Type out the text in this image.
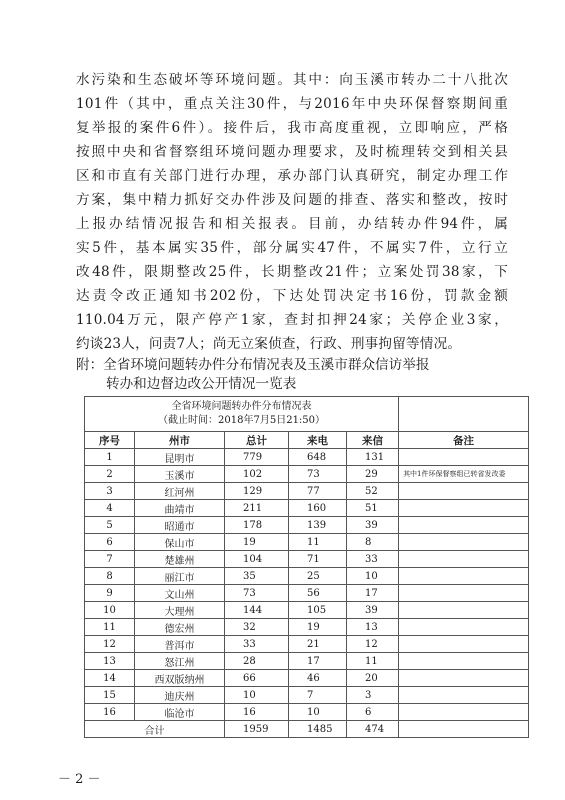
水污染和生态破坏等环境问题。其中：向玉溪市转办二十八批次
101件（其中，重点关注30件，与2016年中央环保督察期间重
复举报的案件6件）。接件后，我市高度重视，立即响应，严格
按照中央和省督察组环境问题办理要求，及时梳理转交到相关县
区和市直有关部门进行办理，承办部门认真研究，制定办理工作
方案，集中精力抓好交办件涉及问题的排查、落实和整改，按时
上报办结情况报告和相关报表。目前，办结转办件94件，属
实5件，基本属实35件，部分属实47件，不属实7件，立行立
改48件，限期整改25件，长期整改21件；立案处罚38家，下
达责令改正通知书202份，下达处罚决定书16份，罚款金额
110.04万元，限产停产1家，查封扣押24家；关停企业3家，
约谈23人，问责7人；尚无立案侦查，行政、刑事拘留等情况。
附：全省环境问题转办件分布情况表及玉溪市群众信访举报
转办和边督边改公开情况一览表
全省环境问题转办件分布情况表
（截止时间：2018年7月5日21:50）					

序号	州市	总计	来电	来信	备注
1	昆明市	779	648	131	
2	玉溪市	102	73	29	其中1件环保督察组已转省发改委
3	红河州	129	77	52	
4	曲靖市	211	160	51	
5	昭通市	178	139	39	
6	保山市	19	11	8	
7	楚雄州	104	71	33	
8	丽江市	35	25	10	
9	文山州	73	56	17	
10	大理州	144	105	39	
11	德宏州	32	19	13	
12	普洱市	33	21	12	
13	怒江州	28	17	11	
14	西双版纳州	66	46	20	
15	迪庆州	10	7	3	
16	临沧市	16	10	6	
合计		1959	1485	474	
－ 2 －
